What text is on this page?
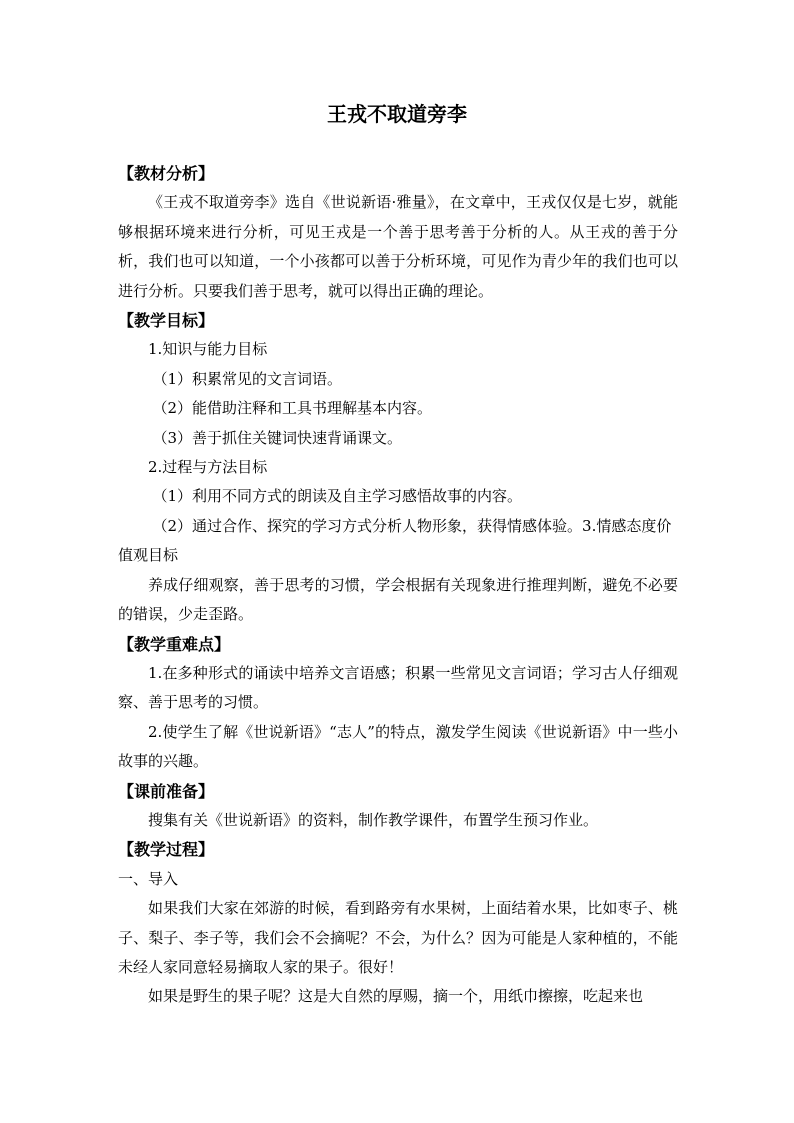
王戎不取道旁李

【教材分析】

《王戎不取道旁李》选自《世说新语·雅量》，在文章中，王戎仅仅是七岁，就能够根据环境来进行分析，可见王戎是一个善于思考善于分析的人。从王戎的善于分析，我们也可以知道，一个小孩都可以善于分析环境，可见作为青少年的我们也可以进行分析。只要我们善于思考，就可以得出正确的理论。

【教学目标】

1.知识与能力目标

（1）积累常见的文言词语。

（2）能借助注释和工具书理解基本内容。

（3）善于抓住关键词快速背诵课文。

2.过程与方法目标

（1）利用不同方式的朗读及自主学习感悟故事的内容。

（2）通过合作、探究的学习方式分析人物形象，获得情感体验。3.情感态度价值观目标

养成仔细观察，善于思考的习惯，学会根据有关现象进行推理判断，避免不必要的错误，少走歪路。

【教学重难点】

1.在多种形式的诵读中培养文言语感；积累一些常见文言词语；学习古人仔细观察、善于思考的习惯。

2.使学生了解《世说新语》“志人”的特点，激发学生阅读《世说新语》中一些小故事的兴趣。

【课前准备】

搜集有关《世说新语》的资料，制作教学课件，布置学生预习作业。

【教学过程】

一、导入

如果我们大家在郊游的时候，看到路旁有水果树，上面结着水果，比如枣子、桃子、梨子、李子等，我们会不会摘呢？不会，为什么？因为可能是人家种植的，不能未经人家同意轻易摘取人家的果子。很好！

如果是野生的果子呢？这是大自然的厚赐，摘一个，用纸巾擦擦，吃起来也
